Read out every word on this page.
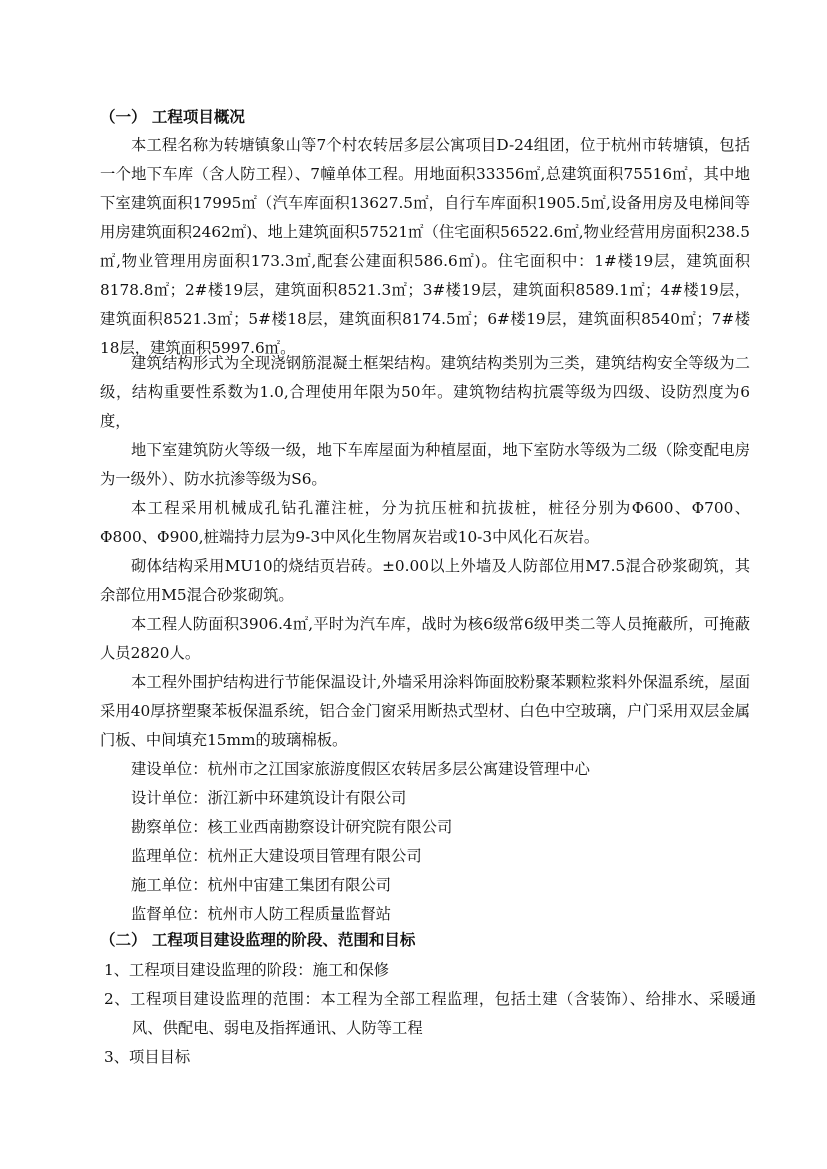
（一） 工程项目概况
本工程名称为转塘镇象山等7个村农转居多层公寓项目D-24组团，位于杭州市转塘镇，包括一个地下车库（含人防工程）、7幢单体工程。用地面积33356㎡,总建筑面积75516㎡，其中地下室建筑面积17995㎡（汽车库面积13627.5㎡，自行车库面积1905.5㎡,设备用房及电梯间等用房建筑面积2462㎡)、地上建筑面积57521㎡（住宅面积56522.6㎡,物业经营用房面积238.5㎡,物业管理用房面积173.3㎡,配套公建面积586.6㎡)。住宅面积中：1#楼19层，建筑面积8178.8㎡；2#楼19层，建筑面积8521.3㎡；3#楼19层，建筑面积8589.1㎡；4#楼19层，建筑面积8521.3㎡；5#楼18层，建筑面积8174.5㎡；6#楼19层，建筑面积8540㎡；7#楼18层，建筑面积5997.6㎡。
建筑结构形式为全现浇钢筋混凝土框架结构。建筑结构类别为三类，建筑结构安全等级为二级，结构重要性系数为1.0,合理使用年限为50年。建筑物结构抗震等级为四级、设防烈度为6度，
地下室建筑防火等级一级，地下车库屋面为种植屋面，地下室防水等级为二级（除变配电房为一级外）、防水抗渗等级为S6。
本工程采用机械成孔钻孔灌注桩，分为抗压桩和抗拔桩，桩径分别为Φ600、Φ700、Φ800、Φ900,桩端持力层为9-3中风化生物屑灰岩或10-3中风化石灰岩。
砌体结构采用MU10的烧结页岩砖。±0.00以上外墙及人防部位用M7.5混合砂浆砌筑，其余部位用M5混合砂浆砌筑。
本工程人防面积3906.4㎡,平时为汽车库，战时为核6级常6级甲类二等人员掩蔽所，可掩蔽人员2820人。
本工程外围护结构进行节能保温设计,外墙采用涂料饰面胶粉聚苯颗粒浆料外保温系统，屋面采用40厚挤塑聚苯板保温系统，铝合金门窗采用断热式型材、白色中空玻璃，户门采用双层金属门板、中间填充15mm的玻璃棉板。
建设单位：杭州市之江国家旅游度假区农转居多层公寓建设管理中心
设计单位：浙江新中环建筑设计有限公司
勘察单位：核工业西南勘察设计研究院有限公司
监理单位：杭州正大建设项目管理有限公司
施工单位：杭州中宙建工集团有限公司
监督单位：杭州市人防工程质量监督站
（二） 工程项目建设监理的阶段、范围和目标
1、工程项目建设监理的阶段：施工和保修
2、工程项目建设监理的范围：本工程为全部工程监理，包括土建（含装饰）、给排水、采暖通风、供配电、弱电及指挥通讯、人防等工程
3、项目目标
